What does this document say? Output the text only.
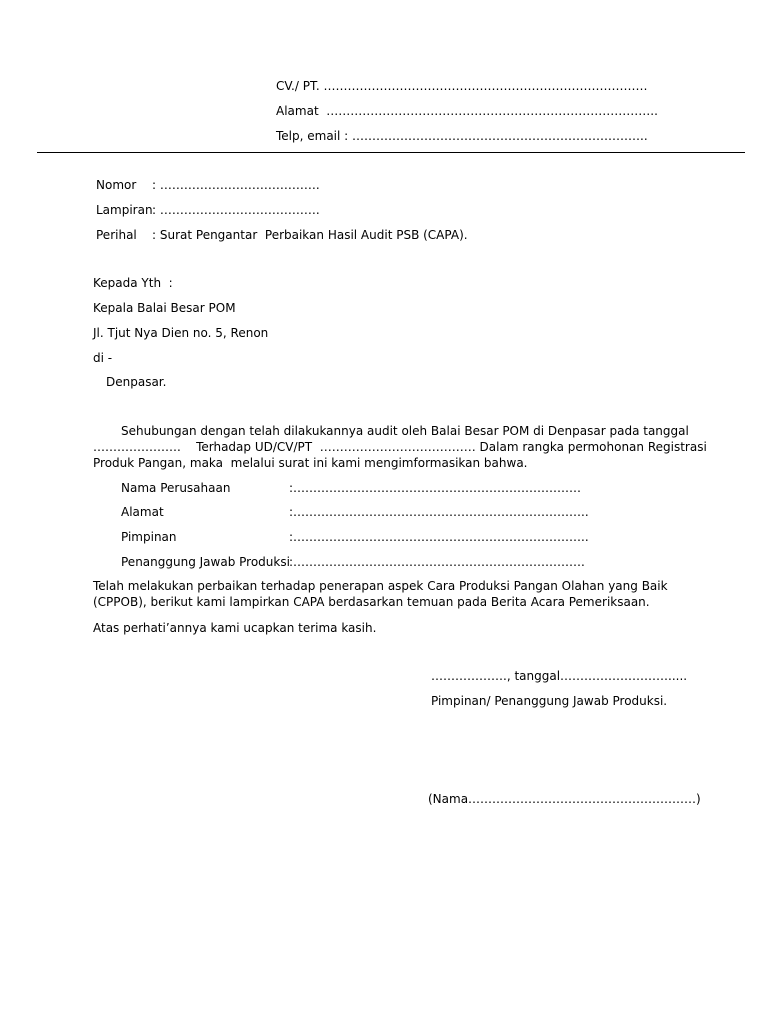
CV./ PT. ………………………………………………………………………
Alamat  ………………………………………………………………………..
Telp, email : ………………………………………………………………..
Nomor : ………………………………….
Lampiran : ………………………………….
Perihal : Surat Pengantar  Perbaikan Hasil Audit PSB (CAPA).
Kepada Yth  :
Kepala Balai Besar POM
Jl. Tjut Nya Dien no. 5, Renon
di -
Denpasar.
Sehubungan dengan telah dilakukannya audit oleh Balai Besar POM di Denpasar pada tanggal
………………….    Terhadap UD/CV/PT  ………………………………… Dalam rangka permohonan Registrasi
Produk Pangan, maka  melalui surat ini kami mengimformasikan bahwa.
Nama Perusahaan	:………………………………………………………………
Alamat	:………………………………………………………………..
Pimpinan	:………………………………………………………………..
Penanggung Jawab Produksi :……………………………………………………………….
Telah melakukan perbaikan terhadap penerapan aspek Cara Produksi Pangan Olahan yang Baik
(CPPOB), berikut kami lampirkan CAPA berdasarkan temuan pada Berita Acara Pemeriksaan.
Atas perhati’annya kami ucapkan terima kasih.
………………., tanggal……………………….....
Pimpinan/ Penanggung Jawab Produksi.
(Nama…………………………………………………)
